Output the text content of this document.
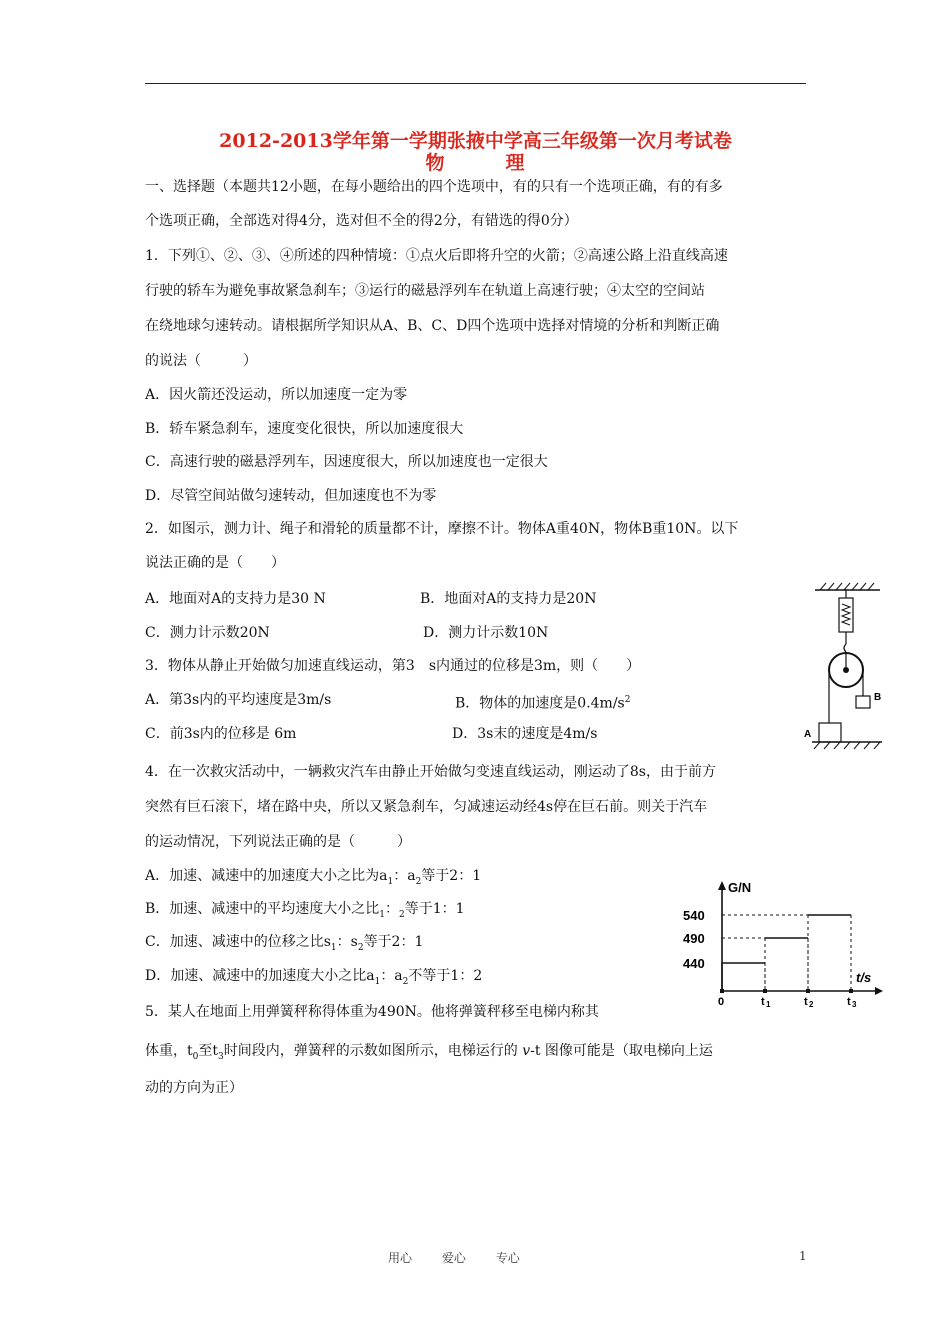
2012-2013学年第一学期张掖中学高三年级第一次月考试卷
物	理
一、选择题（本题共12小题，在每小题给出的四个选项中，有的只有一个选项正确，有的有多
个选项正确，全部选对得4分，选对但不全的得2分，有错选的得0分）
1．下列①、②、③、④所述的四种情境：①点火后即将升空的火箭；②高速公路上沿直线高速
行驶的轿车为避免事故紧急刹车；③运行的磁悬浮列车在轨道上高速行驶；④太空的空间站
在绕地球匀速转动。请根据所学知识从A、B、C、D四个选项中选择对情境的分析和判断正确
的说法（　　　）
A．因火箭还没运动，所以加速度一定为零
B．轿车紧急刹车，速度变化很快，所以加速度很大
C．高速行驶的磁悬浮列车，因速度很大，所以加速度也一定很大
D．尽管空间站做匀速转动，但加速度也不为零
2．如图示，测力计、绳子和滑轮的质量都不计，摩擦不计。物体A重40N，物体B重10N。以下
说法正确的是（　　）
A．地面对A的支持力是30 N	B．地面对A的支持力是20N
C．测力计示数20N	D．测力计示数10N
3．物体从静止开始做匀加速直线运动，第3　s内通过的位移是3m，则（　　）
A．第3s内的平均速度是3m/s	B．物体的加速度是$0.4m/s^2$
C．前3s内的位移是 6m	D．3s末的速度是4m/s
4．在一次救灾活动中，一辆救灾汽车由静止开始做匀变速直线运动，刚运动了8s，由于前方
突然有巨石滚下，堵在路中央，所以又紧急刹车，匀减速运动经4s停在巨石前。则关于汽车
的运动情况，下列说法正确的是（　　　）
A．加速、减速中的加速度大小之比为$a_1$：$a_2$等于2：1
B．加速、减速中的平均速度大小之比$_1$：$_2$等于1：1
C．加速、减速中的位移之比$s_1$：$s_2$等于2：1
D．加速、减速中的加速度大小之比$a_1$：$a_2$不等于1：2
5．某人在地面上用弹簧秤称得体重为490N。他将弹簧秤移至电梯内称其
体重，$t_0$至$t_3$时间段内，弹簧秤的示数如图所示，电梯运行的 v-t 图像可能是（取电梯向上运
动的方向为正）
B
A
G/N
t/s
540
490
440
0	t 1	t 2	t 3
用心 爱心 专心	1
